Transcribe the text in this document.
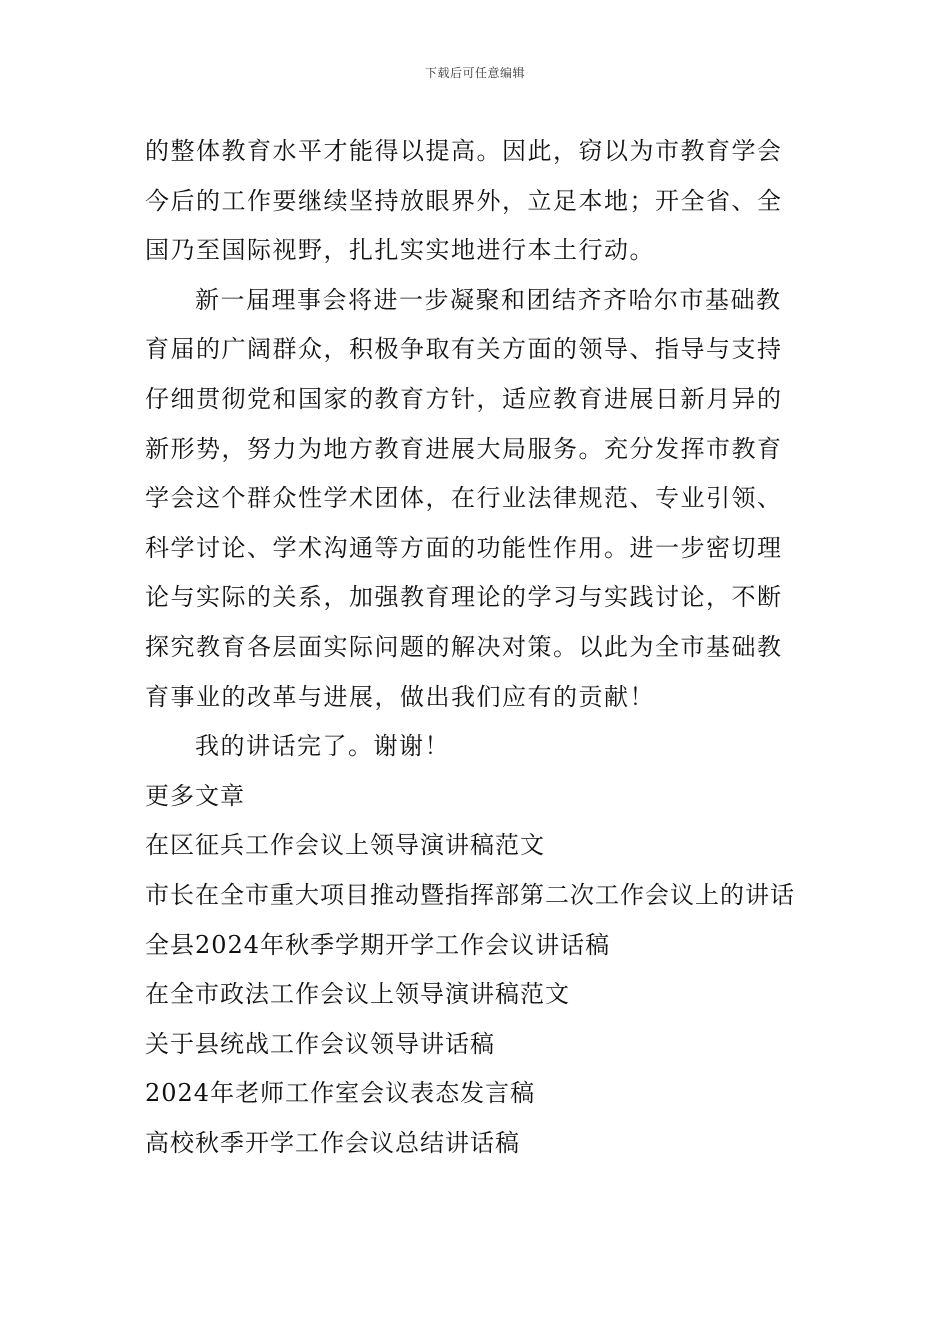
下载后可任意编辑
的整体教育水平才能得以提高。因此，窃以为市教育学会
今后的工作要继续坚持放眼界外，立足本地；开全省、全
国乃至国际视野，扎扎实实地进行本土行动。
新一届理事会将进一步凝聚和团结齐齐哈尔市基础教
育届的广阔群众，积极争取有关方面的领导、指导与支持
仔细贯彻党和国家的教育方针，适应教育进展日新月异的
新形势，努力为地方教育进展大局服务。充分发挥市教育
学会这个群众性学术团体，在行业法律规范、专业引领、
科学讨论、学术沟通等方面的功能性作用。进一步密切理
论与实际的关系，加强教育理论的学习与实践讨论，不断
探究教育各层面实际问题的解决对策。以此为全市基础教
育事业的改革与进展，做出我们应有的贡献！
我的讲话完了。谢谢！
更多文章
在区征兵工作会议上领导演讲稿范文
市长在全市重大项目推动暨指挥部第二次工作会议上的讲话
全县2024年秋季学期开学工作会议讲话稿
在全市政法工作会议上领导演讲稿范文
关于县统战工作会议领导讲话稿
2024年老师工作室会议表态发言稿
高校秋季开学工作会议总结讲话稿
